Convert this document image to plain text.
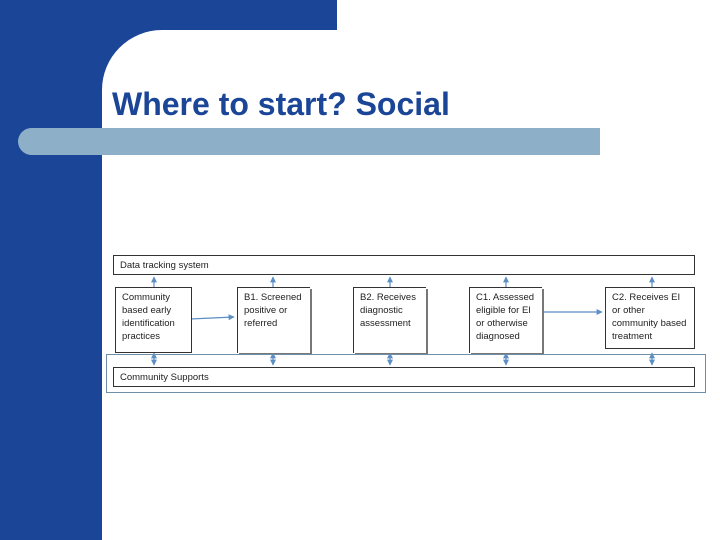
Where to start? Social
Data tracking system
Community based early identification practices
B1. Screened positive or referred
B2. Receives diagnostic assessment
C1. Assessed eligible for EI or otherwise diagnosed
C2. Receives EI or other community based treatment
Community Supports
